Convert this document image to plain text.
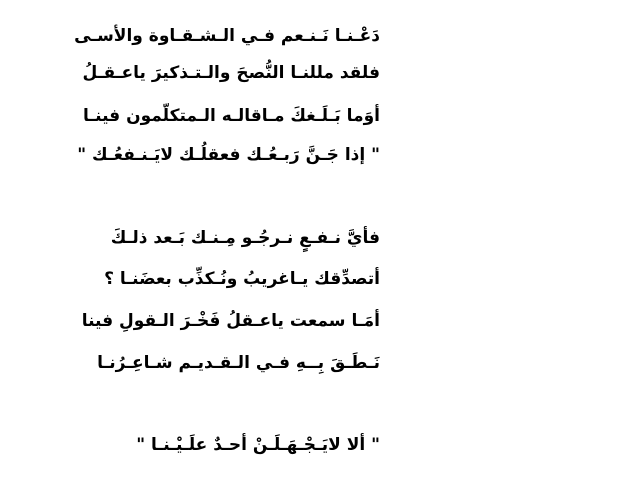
دَعْـنـا نَـنـعم فـي الـشـقـاوة والأسـى
فلقد مللنـا النُّصحَ والـتـذكيرَ ياعـقـلُ
أوَما بَـلَـغكَ مـاقالـه الـمتكلّمون فينـا
" إذا جَـنَّ رَبـعُـك فعقلُـك لايَـنـفعُـك "
فأيَّ نـفـعٍ نـرجُـو مِـنـك بَـعد ذلـكَ
أتصدِّقك يـاغريبُ ونُـكذِّب بعضَنـا ؟
أمَـا سمعت ياعـقلُ فَخْـرَ الـقولِ فينا
نَـطَـقَ بِــهِ فـي الـقـديـم شـاعِـرُنـا
" ألا لايَـجْـهَـلَـنْ أحـدٌ علَـيْـنـا "
